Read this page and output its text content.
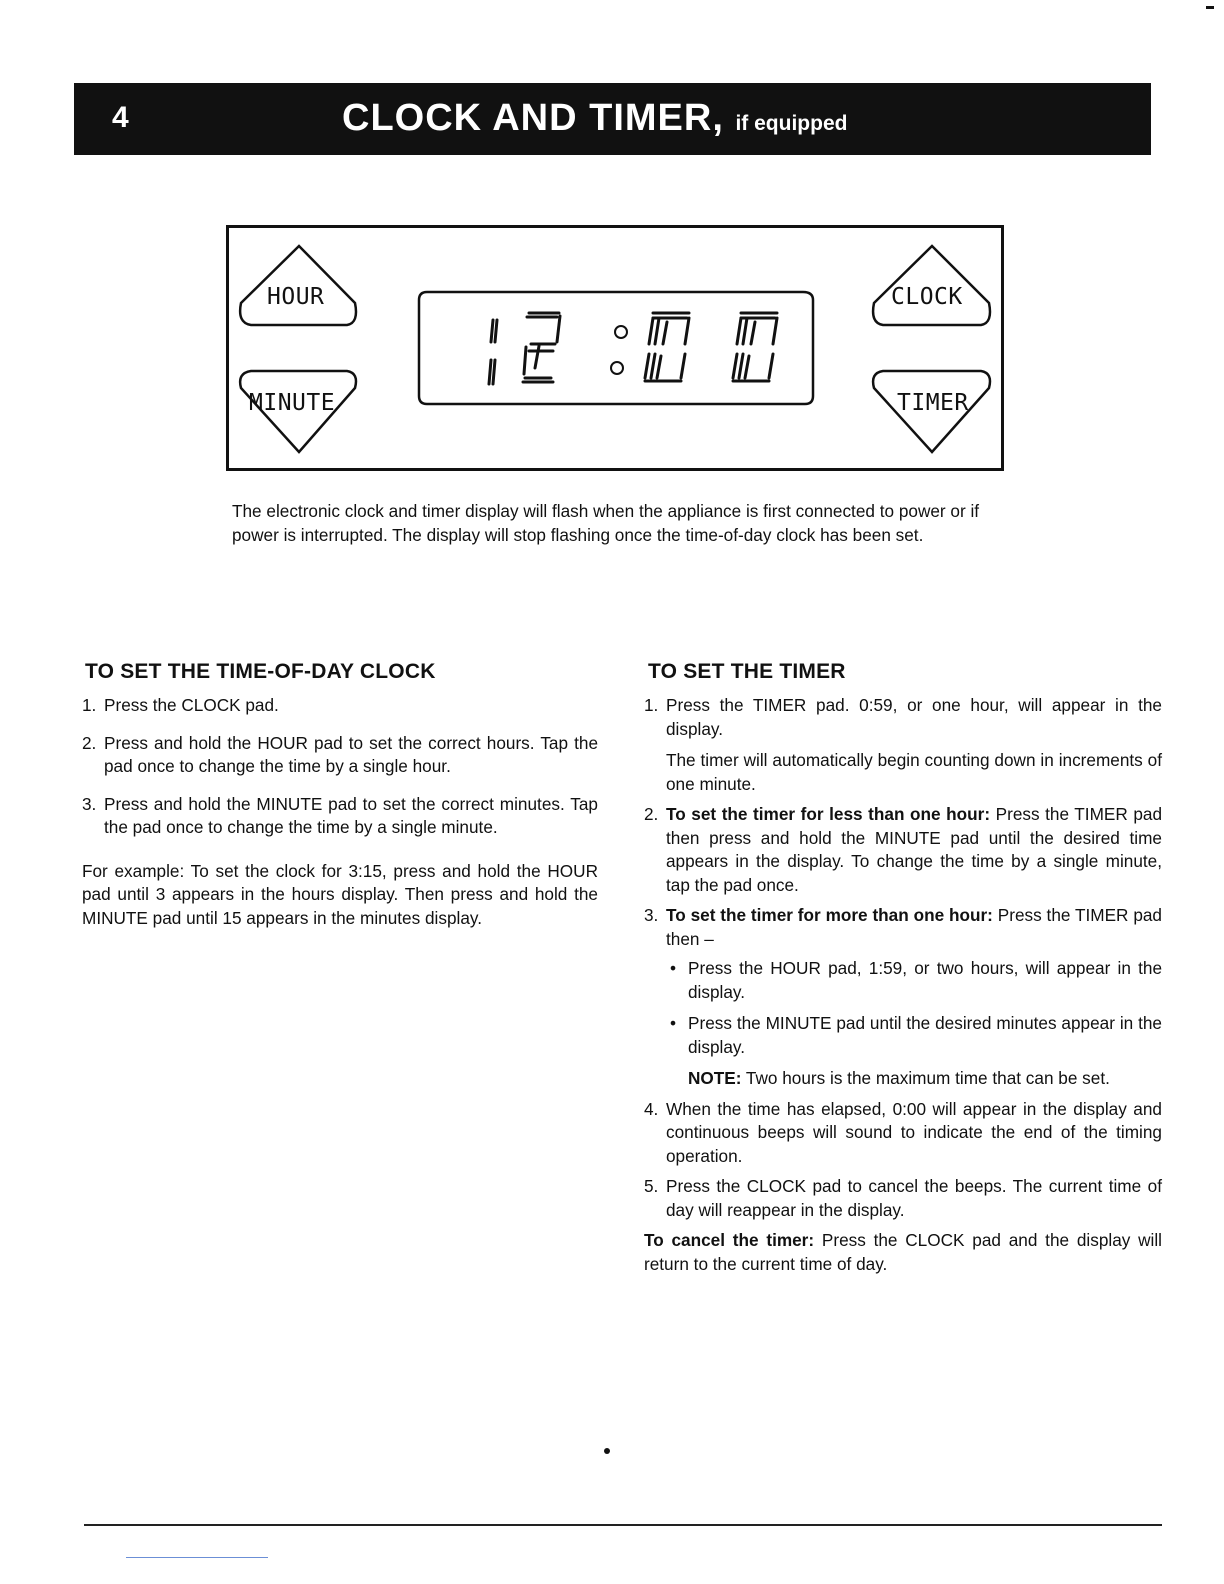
4	CLOCK AND TIMER, if equipped
HOUR
MINUTE
CLOCK
TIMER

The electronic clock and timer display will flash when the appliance is first connected to power or if power is interrupted. The display will stop flashing once the time-of-day clock has been set.

TO SET THE TIME-OF-DAY CLOCK
1. Press the CLOCK pad.
2. Press and hold the HOUR pad to set the correct hours. Tap the pad once to change the time by a single hour.
3. Press and hold the MINUTE pad to set the correct minutes. Tap the pad once to change the time by a single minute.

For example: To set the clock for 3:15, press and hold the HOUR pad until 3 appears in the hours display. Then press and hold the MINUTE pad until 15 appears in the minutes display.

TO SET THE TIMER
1. Press the TIMER pad. 0:59, or one hour, will appear in the display.

The timer will automatically begin counting down in increments of one minute.

2. To set the timer for less than one hour: Press the TIMER pad then press and hold the MINUTE pad until the desired time appears in the display. To change the time by a single minute, tap the pad once.
3. To set the timer for more than one hour: Press the TIMER pad then –
• Press the HOUR pad, 1:59, or two hours, will appear in the display.
• Press the MINUTE pad until the desired minutes appear in the display.
NOTE: Two hours is the maximum time that can be set.
4. When the time has elapsed, 0:00 will appear in the display and continuous beeps will sound to indicate the end of the timing operation.
5. Press the CLOCK pad to cancel the beeps. The current time of day will reappear in the display.

To cancel the timer: Press the CLOCK pad and the display will return to the current time of day.
